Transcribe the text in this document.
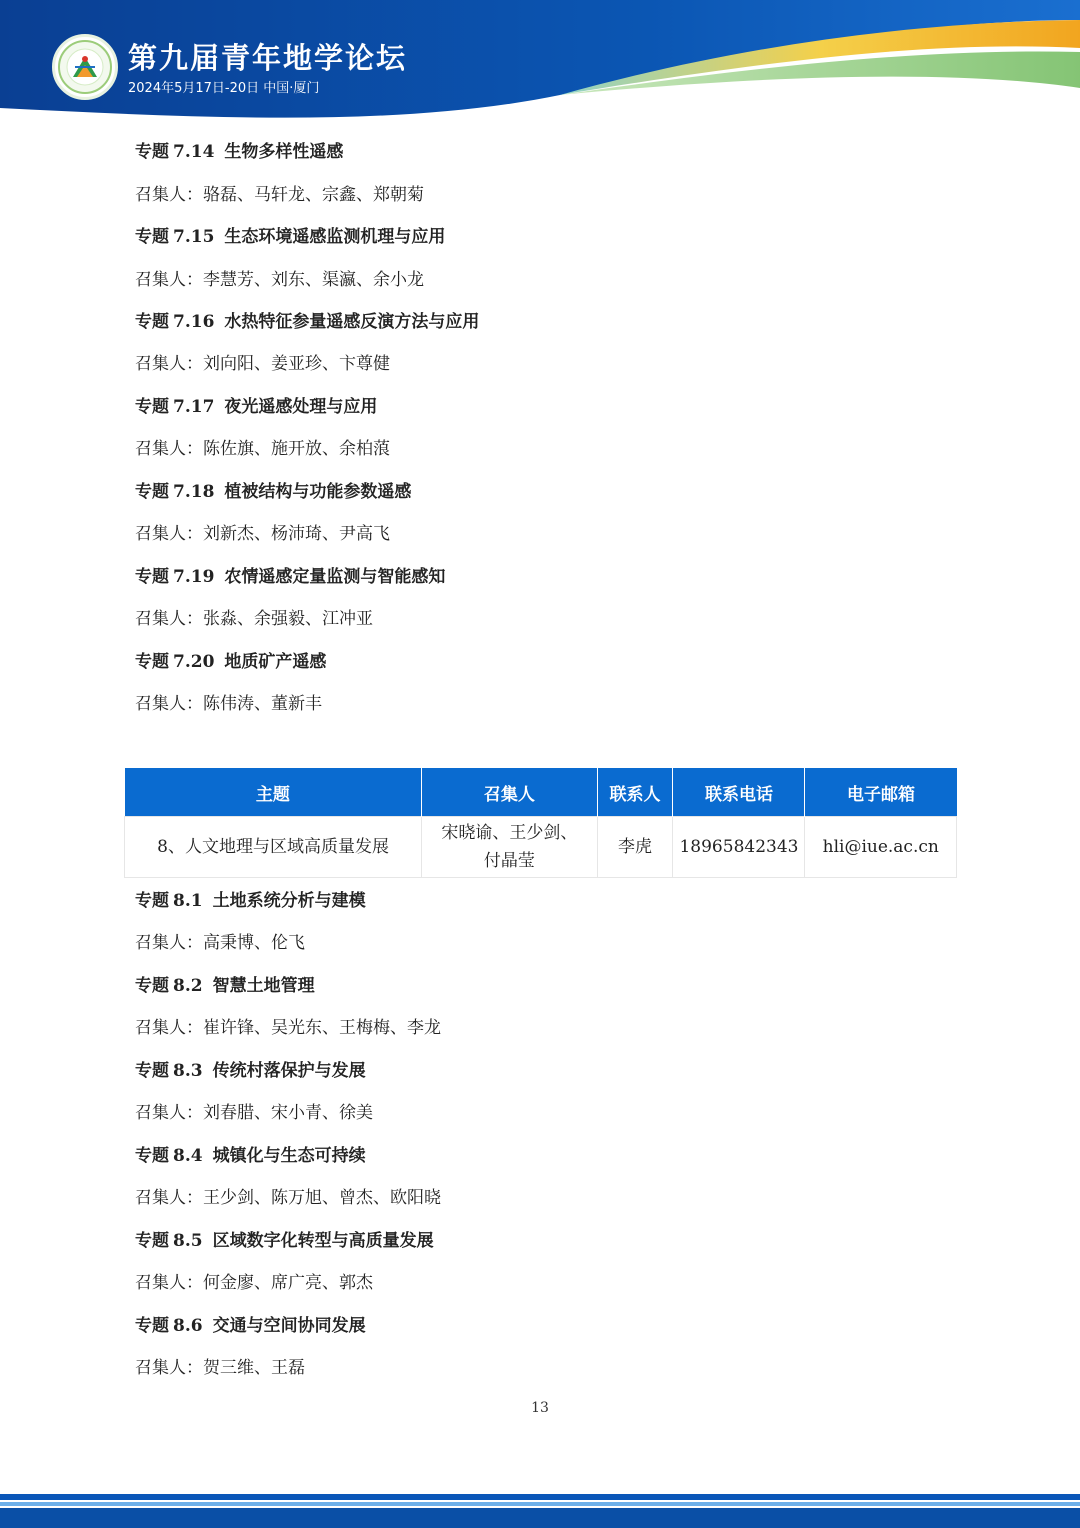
第九届青年地学论坛
2024年5月17日-20日 中国·厦门
专题 7.14 生物多样性遥感
召集人：骆磊、马轩龙、宗鑫、郑朝菊
专题 7.15 生态环境遥感监测机理与应用
召集人：李慧芳、刘东、渠瀛、余小龙
专题 7.16 水热特征参量遥感反演方法与应用
召集人：刘向阳、姜亚珍、卞尊健
专题 7.17 夜光遥感处理与应用
召集人：陈佐旗、施开放、余柏蒗
专题 7.18 植被结构与功能参数遥感
召集人：刘新杰、杨沛琦、尹高飞
专题 7.19 农情遥感定量监测与智能感知
召集人：张淼、余强毅、江冲亚
专题 7.20 地质矿产遥感
召集人：陈伟涛、董新丰
主题	召集人	联系人	联系电话	电子邮箱
8、人文地理与区域高质量发展	宋晓谕、王少剑、
付晶莹	李虎	18965842343	hli@iue.ac.cn
专题 8.1 土地系统分析与建模
召集人：高秉博、伦飞
专题 8.2 智慧土地管理
召集人：崔许锋、吴光东、王梅梅、李龙
专题 8.3 传统村落保护与发展
召集人：刘春腊、宋小青、徐美
专题 8.4 城镇化与生态可持续
召集人：王少剑、陈万旭、曾杰、欧阳晓
专题 8.5 区域数字化转型与高质量发展
召集人：何金廖、席广亮、郭杰
专题 8.6 交通与空间协同发展
召集人：贺三维、王磊
13
